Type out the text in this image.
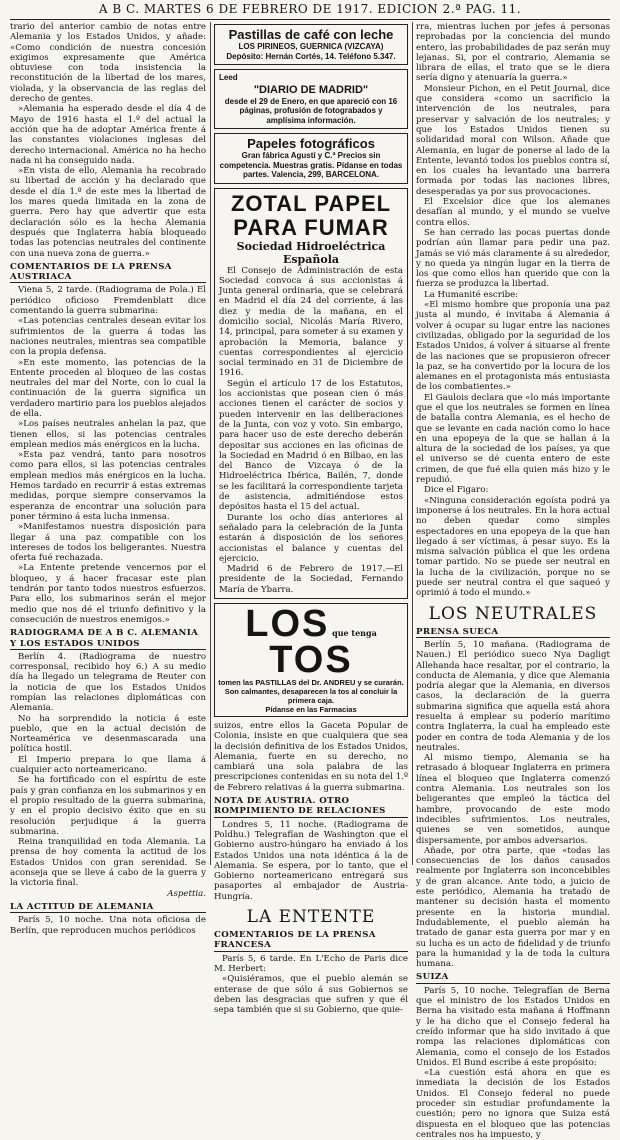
A B C. MARTES 6 DE FEBRERO DE 1917. EDICION 2.ª PAG. 11.

trario del anterior cambio de notas entre Alemania y los Estados Unidos, y añade: «Como condición de nuestra concesión exigimos expresamente que América obtuviese con toda insistencia la reconstitución de la libertad de los mares, violada, y la observancia de las reglas del derecho de gentes.

»Alemania ha esperado desde el día 4 de Mayo de 1916 hasta el 1.º del actual la acción que ha de adoptar América frente á las constantes violaciones inglesas del derecho internacional. América no ha hecho nada ni ha conseguido nada.

»En vista de ello, Alemania ha recobrado su libertad de acción y ha declarado que desde el día 1.º de este mes la libertad de los mares queda limitada en la zona de guerra. Pero hay que advertir que esta declaración sólo es la hecha Alemania después que Inglaterra había bloqueado todas las potencias neutrales del continente con una nueva zona de guerra.»

COMENTARIOS DE LA PRENSA AUSTRIACA

Viena 5, 2 tarde. (Radiograma de Pola.) El periódico oficioso Fremdenblatt dice comentando la guerra submarina:

«Las potencias centrales desean evitar los sufrimientos de la guerra á todas las naciones neutrales, mientras sea compatible con la propia defensa.

»En este momento, las potencias de la Entente proceden al bloqueo de las costas neutrales del mar del Norte, con lo cual la continuación de la guerra significa un verdadero martirio para los pueblos alejados de ella.

»Los países neutrales anhelan la paz, que tienen ellos, si las potencias centrales emplean medios más enérgicos en la lucha.

»Esta paz vendrá, tanto para nosotros como para ellos, si las potencias centrales emplean medios más enérgicos en la lucha. Hemos tardado en recurrir á estas extremas medidas, porque siempre conservamos la esperanza de encontrar una solución para poner término á esta lucha inmensa.

»Manifestamos nuestra disposición para llegar á una paz compatible con los intereses de todos los beligerantes. Nuestra oferta fué rechazada.

»La Entente pretende vencernos por el bloqueo, y á hacer fracasar este plan tendrán por tanto todos nuestros esfuerzos. Para ello, los submarinos serán el mejor medio que nos dé el triunfo definitivo y la consecución de nuestros enemigos.»

RADIOGRAMA DE A B C. ALEMANIA Y LOS ESTADOS UNIDOS

Berlín 4. (Radiograma de nuestro corresponsal, recibido hoy 6.) A su medio día ha llegado un telegrama de Reuter con la noticia de que los Estados Unidos rompían las relaciones diplomáticas con Alemania.

No ha sorprendido la noticia á este pueblo, que en la actual decisión de Norteamérica ve desenmascarada una política hostil.

El Imperio prepara lo que llama á cualquier acto norteamericano.

Se ha fortificado con el espíritu de este país y gran confianza en los submarinos y en el propio resultado de la guerra submarina, y en el propio decisivo éxito que en su resolución perjudique á la guerra submarina.

Reina tranquilidad en toda Alemania. La prensa de hoy comenta la actitud de los Estados Unidos con gran serenidad. Se aconseja que se lleve á cabo de la guerra y la victoria final.

Aspettia.

LA ACTITUD DE ALEMANIA

París 5, 10 noche. Una nota oficiosa de Berlín, que reproducen muchos periódicos

Pastillas de café con leche
LOS PIRINEOS, GUERNICA (VIZCAYA)
Depósito: Hernán Cortés, 14. Teléfono 5.347.
Leed
"DIARIO DE MADRID"
desde el 29 de Enero, en que apareció con 16 páginas, profusión de fotograbados y amplísima información.
Papeles fotográficos
Gran fábrica Agustí y C.ª Precios sin competencia. Muestras gratis. Pídanse en todas partes. Valencia, 299, BARCELONA.
ZOTAL PAPEL PARA FUMAR
Sociedad Hidroeléctrica Española

El Consejo de Administración de esta Sociedad convoca á sus accionistas á Junta general ordinaria, que se celebrará en Madrid el día 24 del corriente, á las diez y media de la mañana, en el domicilio social, Nicolás María Rivero, 14, principal, para someter á su examen y aprobación la Memoria, balance y cuentas correspondientes al ejercicio social terminado en 31 de Diciembre de 1916.

Según el artículo 17 de los Estatutos, los accionistas que posean cien ó más acciones tienen el carácter de socios y pueden intervenir en las deliberaciones de la Junta, con voz y voto. Sin embargo, para hacer uso de este derecho deberán depositar sus acciones en las oficinas de la Sociedad en Madrid ó en Bilbao, en las del Banco de Vizcaya ó de la Hidroeléctrica Ibérica, Bailén, 7, donde se les facilitará la correspondiente tarjeta de asistencia, admitiéndose estos depósitos hasta el 15 del actual.

Durante los ocho días anteriores al señalado para la celebración de la Junta estarán á disposición de los señores accionistas el balance y cuentas del ejercicio.

Madrid 6 de Febrero de 1917.—El presidente de la Sociedad, Fernando María de Ybarra.

LOS que tenga TOS
tomen las PASTILLAS del Dr. ANDREU y se curarán.
Son calmantes, desaparecen la tos al concluir la primera caja.
Pídanse en las Farmacias

suizos, entre ellos la Gaceta Popular de Colonia, insiste en que cualquiera que sea la decisión definitiva de los Estados Unidos, Alemania, fuerte en su derecho, no cambiará una sola palabra de las prescripciones contenidas en su nota del 1.º de Febrero relativas á la guerra submarina.

NOTA DE AUSTRIA. OTRO ROMPIMIENTO DE RELACIONES

Londres 5, 11 noche. (Radiograma de Poldhu.) Telegrafían de Washington que el Gobierno austro-húngaro ha enviado á los Estados Unidos una nota idéntica á la de Alemania. Se espera, por lo tanto, que el Gobierno norteamericano entregará sus pasaportes al embajador de Austria-Hungría.

LA ENTENTE
COMENTARIOS DE LA PRENSA FRANCESA

París 5, 6 tarde. En L'Echo de Paris dice M. Herbert:

«Quisiéramos, que el pueblo alemán se enterase de que sólo á sus Gobiernos se deben las desgracias que sufren y que él sepa también que si su Gobierno, que quie-

rra, mientras luchen por jefes á personas reprobadas por la conciencia del mundo entero, las probabilidades de paz serán muy lejanas. Si, por el contrario, Alemania se librara de ellas, el trato que se le diera sería digno y atenuaría la guerra.»

Monsieur Pichon, en el Petit Journal, dice que considera «como un sacrificio la intervención de los neutrales, para preservar y salvación de los neutrales; y que los Estados Unidos tienen su solidaridad moral con Wilson. Añade que Alemania, en lugar de ponerse al lado de la Entente, levantó todos los pueblos contra sí, en los cuales ha levantado una barrera formada por todas las naciones libres, desesperadas ya por sus provocaciones.

El Excelsior dice que los alemanes desafían al mundo, y el mundo se vuelve contra ellos.

Se han cerrado las pocas puertas donde podrían aún llamar para pedir una paz. Jamás se vió más claramente á su alrededor, y no queda ya ningún lugar en la tierra de los que como ellos han querido que con la fuerza se produzca la libertad.

La Humanité escribe:

«El mismo hombre que proponía una paz justa al mundo, é invitaba á Alemania á volver á ocupar su lugar entre las naciones civilizadas, obligado por la seguridad de los Estados Unidos, á volver á situarse al frente de las naciones que se propusieron ofrecer la paz, se ha convertido por la locura de los alemanes en el protagonista más entusiasta de los combatientes.»

El Gaulois declara que «lo más importante que el que los neutrales se formen en línea de batalla contra Alemania, es el hecho de que se levante en cada nación como lo hace en una epopeya de la que se hallan á la altura de la sociedad de los países, ya que el universo se dé cuenta entero de este crimen, de que fué ella quien más hizo y le repudió.

Dice el Figaro:

«Ninguna consideración egoísta podrá ya imponerse á los neutrales. En la hora actual no deben quedar como simples espectadores en una epopeya de la que han llegado á ser víctimas, á pesar suyo. Es la misma salvación pública el que les ordena tomar partido. No se puede ser neutral en la lucha de la civilización, porque no se puede ser neutral contra el que saqueó y oprimió á todo el mundo.»

LOS NEUTRALES
PRENSA SUECA

Berlín 5, 10 mañana. (Radiograma de Nauen.) El periódico sueco Nya Dagligt Allehanda hace resaltar, por el contrario, la conducta de Alemania, y dice que Alemania podría alegar que la Alemania, en diversos casos, la declaración de la guerra submarina significa que aquella está ahora resuelta á emplear su poderío marítimo contra Inglaterra, la cual ha empleado este poder en contra de toda Alemania y de los neutrales.

Al mismo tiempo, Alemania se ha retrasado á bloquear Inglaterra en primera línea el bloqueo que Inglaterra comenzó contra Alemania. Los neutrales son los beligerantes que empleó la táctica del hambre, provocando de este modo indecibles sufrimientos. Los neutrales, quienes se ven sometidos, aunque dispersamente, por ambos adversarios.

Añade, por otra parte, que «todas las consecuencias de los daños causados realmente por Inglaterra son inconcebibles y de gran alcance. Ante todo, a juicio de este periódico, Alemania ha tratado de mantener su decisión hasta el momento presente en la historia mundial. Indudablemente, el pueblo alemán ha tratado de ganar esta guerra por mar y en su lucha es un acto de fidelidad y de triunfo para la humanidad y la de toda la cultura humana.

SUIZA

París 5, 10 noche. Telegrafían de Berna que el ministro de los Estados Unidos en Berna ha visitado esta mañana á Hoffmann y le ha dicho que el Consejo federal ha creído informar que ha sido invitado á que rompa las relaciones diplomáticas con Alemania, como el consejo de los Estados Unidos. El Bund escribe á este propósito:

«La cuestión está ahora en que es inmediata la decisión de los Estados Unidos. El Consejo federal no puede proceder sin estudiar profundamente la cuestión; pero no ignora que Suiza está dispuesta en el bloqueo que las potencias centrales nos ha impuesto, y
